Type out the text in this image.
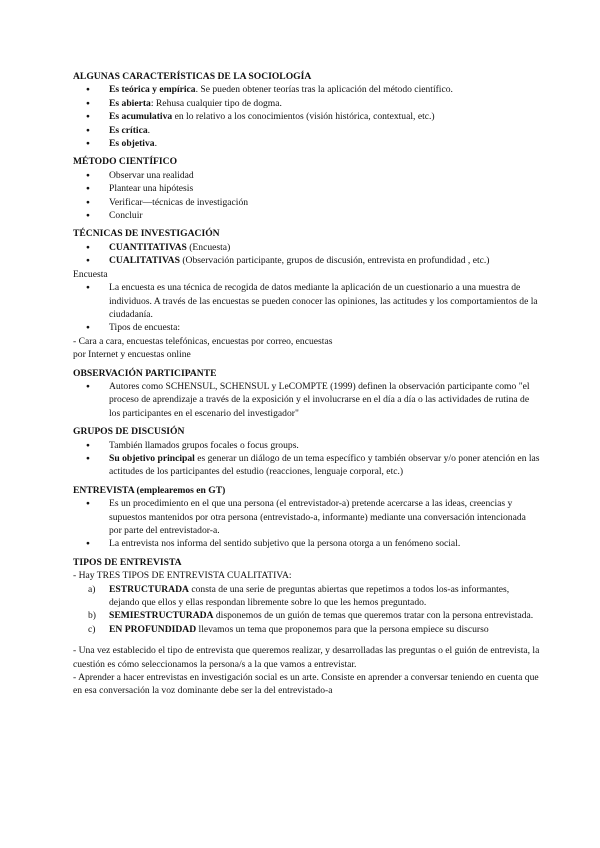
ALGUNAS CARACTERÍSTICAS DE LA SOCIOLOGÍA
● Es teórica y empírica. Se pueden obtener teorías tras la aplicación del método científico.
● Es abierta: Rehusa cualquier tipo de dogma.
● Es acumulativa en lo relativo a los conocimientos (visión histórica, contextual, etc.)
● Es crítica.
● Es objetiva.
MÉTODO CIENTÍFICO
● Observar una realidad
● Plantear una hipótesis
● Verificar—técnicas de investigación
● Concluir
TÉCNICAS DE INVESTIGACIÓN
● CUANTITATIVAS (Encuesta)
● CUALITATIVAS (Observación participante, grupos de discusión, entrevista en profundidad , etc.)

Encuesta

● La encuesta es una técnica de recogida de datos mediante la aplicación de un cuestionario a una muestra de individuos. A través de las encuestas se pueden conocer las opiniones, las actitudes y los comportamientos de la ciudadanía.
● Tipos de encuesta:

- Cara a cara, encuestas telefónicas, encuestas por correo, encuestas

por Internet y encuestas online

OBSERVACIÓN PARTICIPANTE
● Autores como SCHENSUL, SCHENSUL y LeCOMPTE (1999) definen la observación participante como "el proceso de aprendizaje a través de la exposición y el involucrarse en el día a día o las actividades de rutina de los participantes en el escenario del investigador"
GRUPOS DE DISCUSIÓN
● También llamados grupos focales o focus groups.
● Su objetivo principal es generar un diálogo de un tema específico y también observar y/o poner atención en las actitudes de los participantes del estudio (reacciones, lenguaje corporal, etc.)
ENTREVISTA (emplearemos en GT)
● Es un procedimiento en el que una persona (el entrevistador-a) pretende acercarse a las ideas, creencias y supuestos mantenidos por otra persona (entrevistado-a, informante) mediante una conversación intencionada por parte del entrevistador-a.
● La entrevista nos informa del sentido subjetivo que la persona otorga a un fenómeno social.
TIPOS DE ENTREVISTA

- Hay TRES TIPOS DE ENTREVISTA CUALITATIVA:

a) ESTRUCTURADA consta de una serie de preguntas abiertas que repetimos a todos los-as informantes, dejando que ellos y ellas respondan libremente sobre lo que les hemos preguntado.
b) SEMIESTRUCTURADA disponemos de un guión de temas que queremos tratar con la persona entrevistada.
c) EN PROFUNDIDAD llevamos un tema que proponemos para que la persona empiece su discurso

- Una vez establecido el tipo de entrevista que queremos realizar, y desarrolladas las preguntas o el guión de entrevista, la cuestión es cómo seleccionamos la persona/s a la que vamos a entrevistar.

- Aprender a hacer entrevistas en investigación social es un arte. Consiste en aprender a conversar teniendo en cuenta que en esa conversación la voz dominante debe ser la del entrevistado-a
